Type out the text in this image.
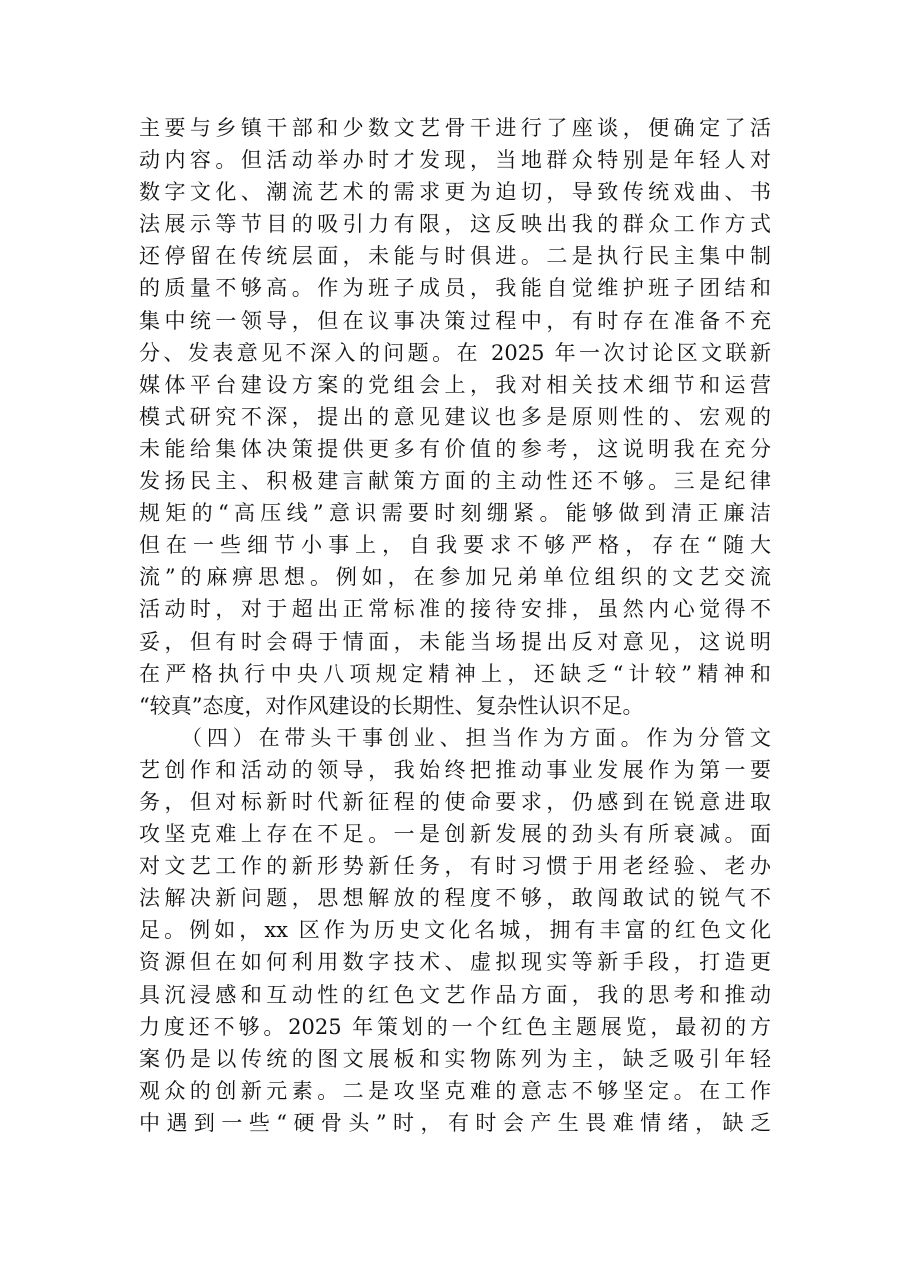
主要与乡镇干部和少数文艺骨干进行了座谈，便确定了活
动内容。但活动举办时才发现，当地群众特别是年轻人对
数字文化、潮流艺术的需求更为迫切，导致传统戏曲、书
法展示等节目的吸引力有限，这反映出我的群众工作方式
还停留在传统层面，未能与时俱进。二是执行民主集中制
的质量不够高。作为班子成员，我能自觉维护班子团结和
集中统一领导，但在议事决策过程中，有时存在准备不充
分、发表意见不深入的问题。在 2025 年一次讨论区文联新
媒体平台建设方案的党组会上，我对相关技术细节和运营
模式研究不深，提出的意见建议也多是原则性的、宏观的
未能给集体决策提供更多有价值的参考，这说明我在充分
发扬民主、积极建言献策方面的主动性还不够。三是纪律
规矩的“高压线”意识需要时刻绷紧。能够做到清正廉洁
但在一些细节小事上，自我要求不够严格，存在“随大
流”的麻痹思想。例如，在参加兄弟单位组织的文艺交流
活动时，对于超出正常标准的接待安排，虽然内心觉得不
妥，但有时会碍于情面，未能当场提出反对意见，这说明
在严格执行中央八项规定精神上，还缺乏“计较”精神和
“较真”态度，对作风建设的长期性、复杂性认识不足。
（四）在带头干事创业、担当作为方面。作为分管文
艺创作和活动的领导，我始终把推动事业发展作为第一要
务，但对标新时代新征程的使命要求，仍感到在锐意进取
攻坚克难上存在不足。一是创新发展的劲头有所衰减。面
对文艺工作的新形势新任务，有时习惯于用老经验、老办
法解决新问题，思想解放的程度不够，敢闯敢试的锐气不
足。例如，xx 区作为历史文化名城，拥有丰富的红色文化
资源但在如何利用数字技术、虚拟现实等新手段，打造更
具沉浸感和互动性的红色文艺作品方面，我的思考和推动
力度还不够。2025 年策划的一个红色主题展览，最初的方
案仍是以传统的图文展板和实物陈列为主，缺乏吸引年轻
观众的创新元素。二是攻坚克难的意志不够坚定。在工作
中遇到一些“硬骨头”时，有时会产生畏难情绪，缺乏
